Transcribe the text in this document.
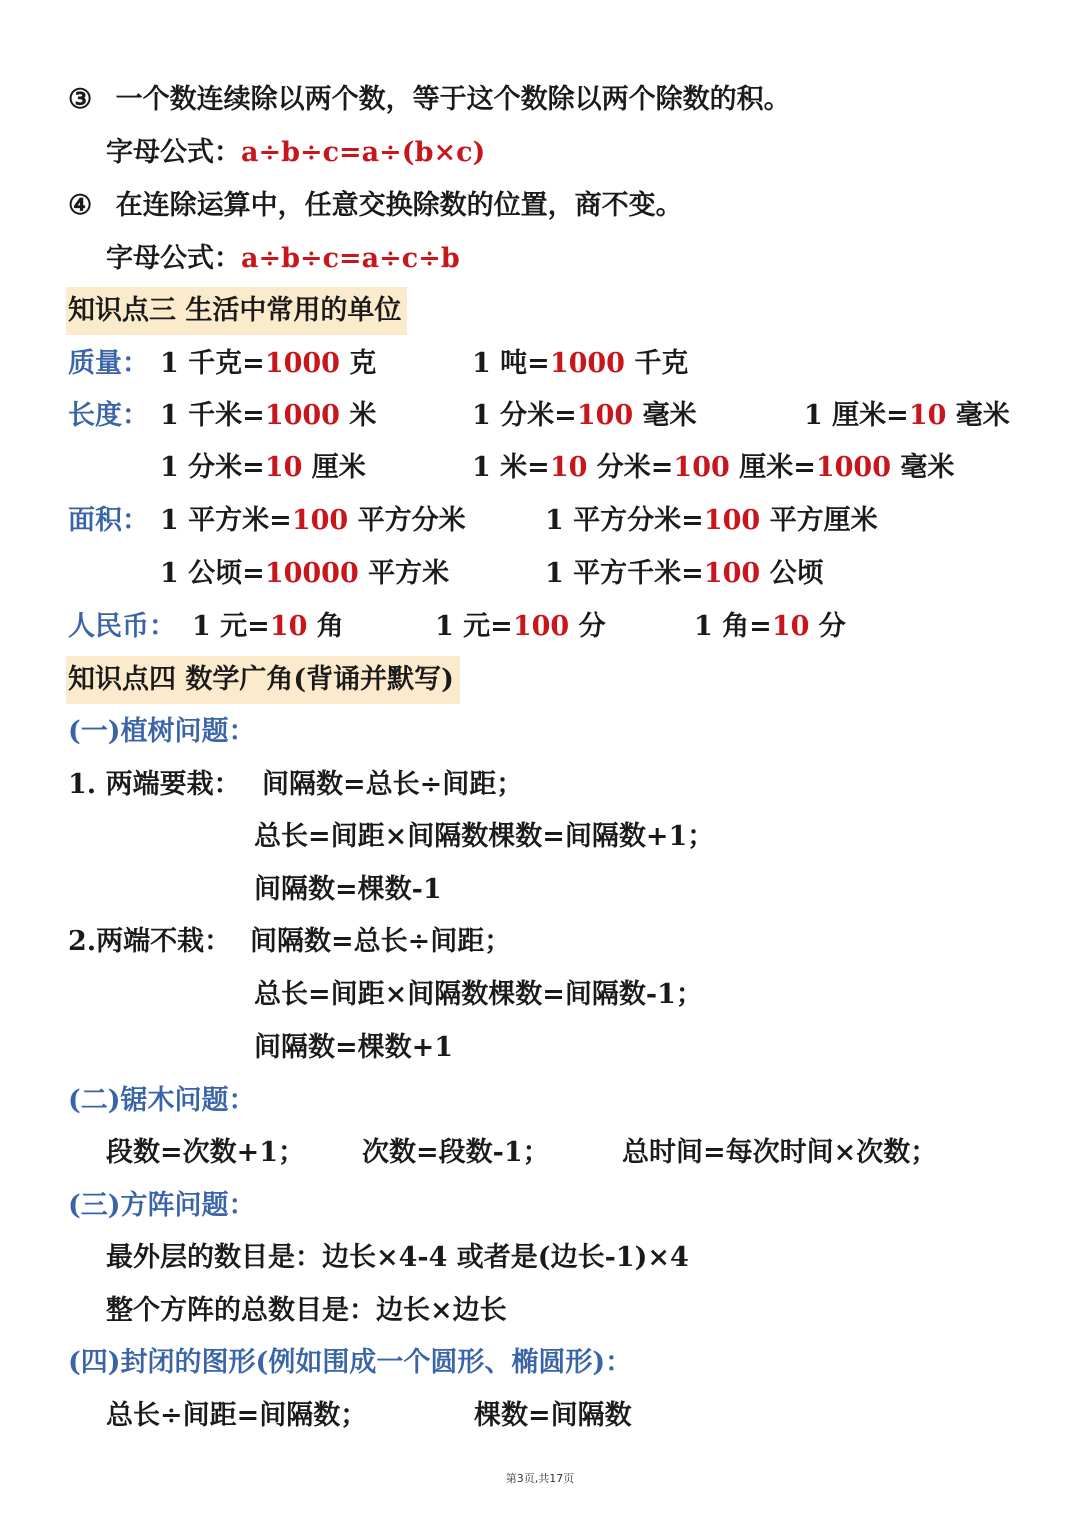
③ 一个数连续除以两个数，等于这个数除以两个除数的积。
字母公式：a÷b÷c=a÷(b×c)
④ 在连除运算中，任意交换除数的位置，商不变。
字母公式：a÷b÷c=a÷c÷b
知识点三 生活中常用的单位
质量： 1 千克=1000 克	1 吨=1000 千克
长度： 1 千米=1000 米	1 分米=100 毫米	1 厘米=10 毫米
1 分米=10 厘米	1 米=10 分米=100 厘米=1000 毫米
面积： 1 平方米=100 平方分米	1 平方分米=100 平方厘米
1 公顷=10000 平方米	1 平方千米=100 公顷
人民币： 1 元=10 角	1 元=100 分	1 角=10 分
知识点四 数学广角(背诵并默写)
(一)植树问题：
1. 两端要栽： 间隔数=总长÷间距；
总长=间距×间隔数棵数=间隔数+1；
间隔数=棵数-1
2.两端不栽： 间隔数=总长÷间距；
总长=间距×间隔数棵数=间隔数-1；
间隔数=棵数+1
(二)锯木问题：
段数=次数+1； 次数=段数-1；	总时间=每次时间×次数；
(三)方阵问题：
最外层的数目是：边长×4-4 或者是(边长-1)×4
整个方阵的总数目是：边长×边长
(四)封闭的图形(例如围成一个圆形、椭圆形)：
总长÷间距=间隔数；	棵数=间隔数
第3页,共17页
